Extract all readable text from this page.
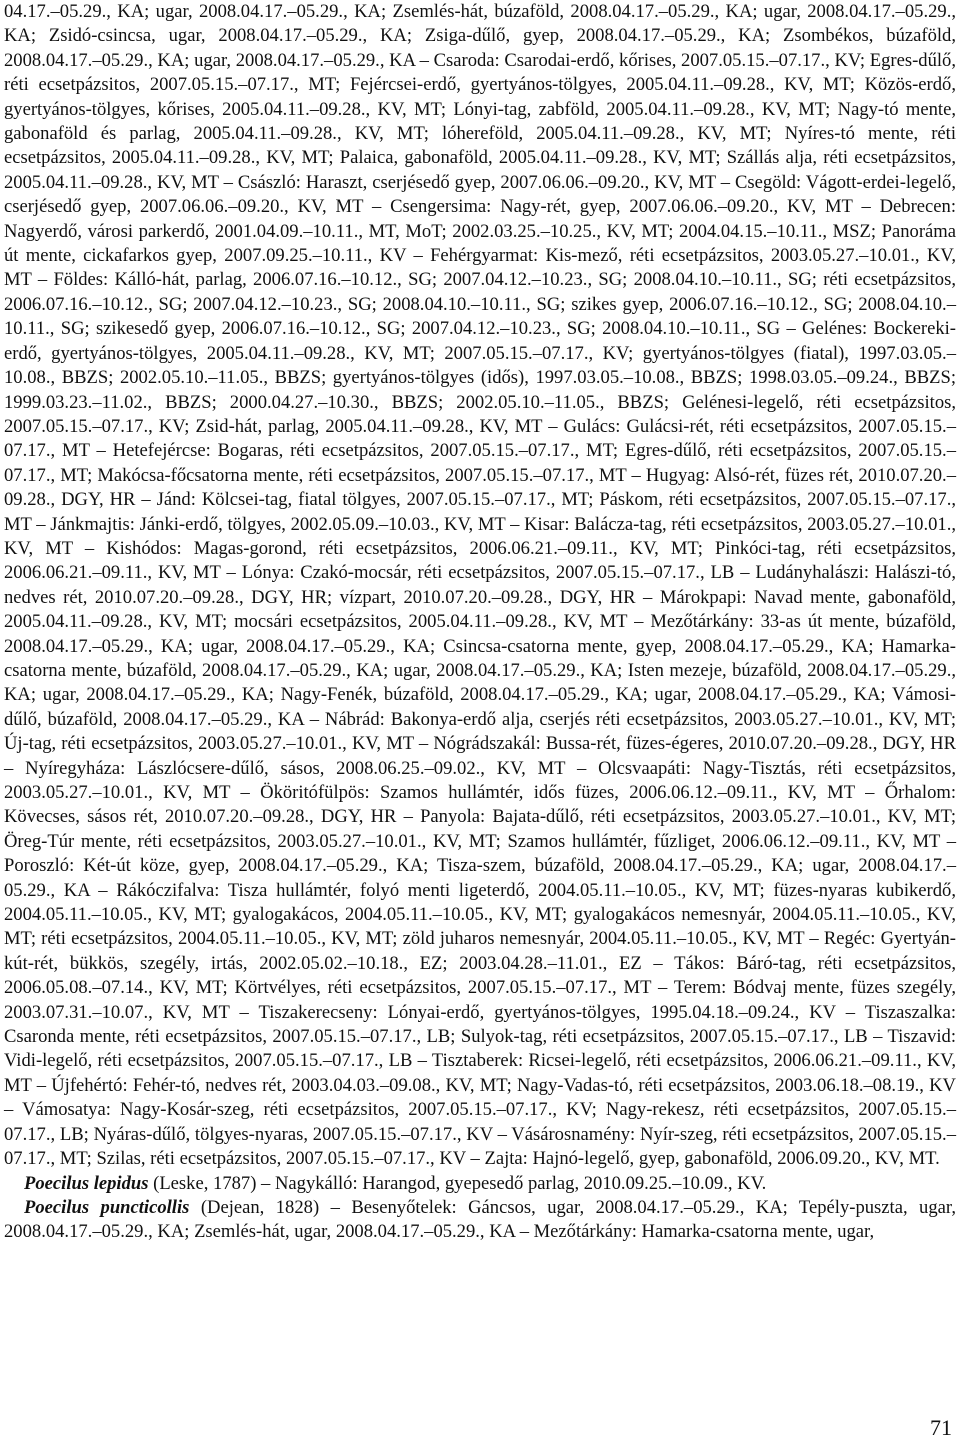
04.17.–05.29., KA; ugar, 2008.04.17.–05.29., KA; Zsemlés-hát, búzaföld, 2008.04.17.–05.29., KA; ugar, 2008.04.17.–05.29., KA; Zsidó-csincsa, ugar, 2008.04.17.–05.29., KA; Zsiga-dűlő, gyep, 2008.04.17.–05.29., KA; Zsombékos, búzaföld, 2008.04.17.–05.29., KA; ugar, 2008.04.17.–05.29., KA – Csaroda: Csarodai-erdő, kőrises, 2007.05.15.–07.17., KV; Egres-dűlő, réti ecsetpázsitos, 2007.05.15.–07.17., MT; Fejércsei-erdő, gyertyános-tölgyes, 2005.04.11.–09.28., KV, MT; Közös-erdő, gyertyános-tölgyes, kőrises, 2005.04.11.–09.28., KV, MT; Lónyi-tag, zabföld, 2005.04.11.–09.28., KV, MT; Nagy-tó mente, gabonaföld és parlag, 2005.04.11.–09.28., KV, MT; lóhereföld, 2005.04.11.–09.28., KV, MT; Nyíres-tó mente, réti ecsetpázsitos, 2005.04.11.–09.28., KV, MT; Palaica, gabonaföld, 2005.04.11.–09.28., KV, MT; Szállás alja, réti ecsetpázsitos, 2005.04.11.–09.28., KV, MT – Császló: Haraszt, cserjésedő gyep, 2007.06.06.–09.20., KV, MT – Csegöld: Vágott-erdei-legelő, cserjésedő gyep, 2007.06.06.–09.20., KV, MT – Csengersima: Nagy-rét, gyep, 2007.06.06.–09.20., KV, MT – Debrecen: Nagyerdő, városi parkerdő, 2001.04.09.–10.11., MT, MoT; 2002.03.25.–10.25., KV, MT; 2004.04.15.–10.11., MSZ; Panoráma út mente, cickafarkos gyep, 2007.09.25.–10.11., KV – Fehérgyarmat: Kis-mező, réti ecsetpázsitos, 2003.05.27.–10.01., KV, MT – Földes: Kálló-hát, parlag, 2006.07.16.–10.12., SG; 2007.04.12.–10.23., SG; 2008.04.10.–10.11., SG; réti ecsetpázsitos, 2006.07.16.–10.12., SG; 2007.04.12.–10.23., SG; 2008.04.10.–10.11., SG; szikes gyep, 2006.07.16.–10.12., SG; 2008.04.10.–10.11., SG; szikesedő gyep, 2006.07.16.–10.12., SG; 2007.04.12.–10.23., SG; 2008.04.10.–10.11., SG – Gelénes: Bockereki-erdő, gyertyános-tölgyes, 2005.04.11.–09.28., KV, MT; 2007.05.15.–07.17., KV; gyertyános-tölgyes (fiatal), 1997.03.05.–10.08., BBZS; 2002.05.10.–11.05., BBZS; gyertyános-tölgyes (idős), 1997.03.05.–10.08., BBZS; 1998.03.05.–09.24., BBZS; 1999.03.23.–11.02., BBZS; 2000.04.27.–10.30., BBZS; 2002.05.10.–11.05., BBZS; Gelénesi-legelő, réti ecsetpázsitos, 2007.05.15.–07.17., KV; Zsid-hát, parlag, 2005.04.11.–09.28., KV, MT – Gulács: Gulácsi-rét, réti ecsetpázsitos, 2007.05.15.–07.17., MT – Hetefejércse: Bogaras, réti ecsetpázsitos, 2007.05.15.–07.17., MT; Egres-dűlő, réti ecsetpázsitos, 2007.05.15.–07.17., MT; Makócsa-főcsatorna mente, réti ecsetpázsitos, 2007.05.15.–07.17., MT – Hugyag: Alsó-rét, füzes rét, 2010.07.20.–09.28., DGY, HR – Jánd: Kölcsei-tag, fiatal tölgyes, 2007.05.15.–07.17., MT; Páskom, réti ecsetpázsitos, 2007.05.15.–07.17., MT – Jánkmajtis: Jánki-erdő, tölgyes, 2002.05.09.–10.03., KV, MT – Kisar: Balácza-tag, réti ecsetpázsitos, 2003.05.27.–10.01., KV, MT – Kishódos: Magas-gorond, réti ecsetpázsitos, 2006.06.21.–09.11., KV, MT; Pinkóci-tag, réti ecsetpázsitos, 2006.06.21.–09.11., KV, MT – Lónya: Czakó-mocsár, réti ecsetpázsitos, 2007.05.15.–07.17., LB – Ludányhalászi: Halászi-tó, nedves rét, 2010.07.20.–09.28., DGY, HR; vízpart, 2010.07.20.–09.28., DGY, HR – Márokpapi: Navad mente, gabonaföld, 2005.04.11.–09.28., KV, MT; mocsári ecsetpázsitos, 2005.04.11.–09.28., KV, MT – Mezőtárkány: 33-as út mente, búzaföld, 2008.04.17.–05.29., KA; ugar, 2008.04.17.–05.29., KA; Csincsa-csatorna mente, gyep, 2008.04.17.–05.29., KA; Hamarka-csatorna mente, búzaföld, 2008.04.17.–05.29., KA; ugar, 2008.04.17.–05.29., KA; Isten mezeje, búzaföld, 2008.04.17.–05.29., KA; ugar, 2008.04.17.–05.29., KA; Nagy-Fenék, búzaföld, 2008.04.17.–05.29., KA; ugar, 2008.04.17.–05.29., KA; Vámosi-dűlő, búzaföld, 2008.04.17.–05.29., KA – Nábrád: Bakonya-erdő alja, cserjés réti ecsetpázsitos, 2003.05.27.–10.01., KV, MT; Új-tag, réti ecsetpázsitos, 2003.05.27.–10.01., KV, MT – Nógrádszakál: Bussa-rét, füzes-égeres, 2010.07.20.–09.28., DGY, HR – Nyíregyháza: Lászlócsere-dűlő, sásos, 2008.06.25.–09.02., KV, MT – Olcsvaapáti: Nagy-Tisztás, réti ecsetpázsitos, 2003.05.27.–10.01., KV, MT – Ököritófülpös: Szamos hullámtér, idős füzes, 2006.06.12.–09.11., KV, MT – Őrhalom: Kövecses, sásos rét, 2010.07.20.–09.28., DGY, HR – Panyola: Bajata-dűlő, réti ecsetpázsitos, 2003.05.27.–10.01., KV, MT; Öreg-Túr mente, réti ecsetpázsitos, 2003.05.27.–10.01., KV, MT; Szamos hullámtér, fűzliget, 2006.06.12.–09.11., KV, MT – Poroszló: Két-út köze, gyep, 2008.04.17.–05.29., KA; Tisza-szem, búzaföld, 2008.04.17.–05.29., KA; ugar, 2008.04.17.–05.29., KA – Rákóczifalva: Tisza hullámtér, folyó menti ligeterdő, 2004.05.11.–10.05., KV, MT; füzes-nyaras kubikerdő, 2004.05.11.–10.05., KV, MT; gyalogakácos, 2004.05.11.–10.05., KV, MT; gyalogakácos nemesnyár, 2004.05.11.–10.05., KV, MT; réti ecsetpázsitos, 2004.05.11.–10.05., KV, MT; zöld juharos nemesnyár, 2004.05.11.–10.05., KV, MT – Regéc: Gyertyán-kút-rét, bükkös, szegély, irtás, 2002.05.02.–10.18., EZ; 2003.04.28.–11.01., EZ – Tákos: Báró-tag, réti ecsetpázsitos, 2006.05.08.–07.14., KV, MT; Körtvélyes, réti ecsetpázsitos, 2007.05.15.–07.17., MT – Terem: Bódvaj mente, füzes szegély, 2003.07.31.–10.07., KV, MT – Tiszakerecseny: Lónyai-erdő, gyertyános-tölgyes, 1995.04.18.–09.24., KV – Tiszaszalka: Csaronda mente, réti ecsetpázsitos, 2007.05.15.–07.17., LB; Sulyok-tag, réti ecsetpázsitos, 2007.05.15.–07.17., LB – Tiszavid: Vidi-legelő, réti ecsetpázsitos, 2007.05.15.–07.17., LB – Tisztaberek: Ricsei-legelő, réti ecsetpázsitos, 2006.06.21.–09.11., KV, MT – Újfehértó: Fehér-tó, nedves rét, 2003.04.03.–09.08., KV, MT; Nagy-Vadas-tó, réti ecsetpázsitos, 2003.06.18.–08.19., KV – Vámosatya: Nagy-Kosár-szeg, réti ecsetpázsitos, 2007.05.15.–07.17., KV; Nagy-rekesz, réti ecsetpázsitos, 2007.05.15.–07.17., LB; Nyáras-dűlő, tölgyes-nyaras, 2007.05.15.–07.17., KV – Vásárosnamény: Nyír-szeg, réti ecsetpázsitos, 2007.05.15.–07.17., MT; Szilas, réti ecsetpázsitos, 2007.05.15.–07.17., KV – Zajta: Hajnó-legelő, gyep, gabonaföld, 2006.09.20., KV, MT.

Poecilus lepidus (Leske, 1787) – Nagykálló: Harangod, gyepesedő parlag, 2010.09.25.–10.09., KV.

Poecilus puncticollis (Dejean, 1828) – Besenyőtelek: Gáncsos, ugar, 2008.04.17.–05.29., KA; Tepély-puszta, ugar, 2008.04.17.–05.29., KA; Zsemlés-hát, ugar, 2008.04.17.–05.29., KA – Mezőtárkány: Hamarka-csatorna mente, ugar,

71
